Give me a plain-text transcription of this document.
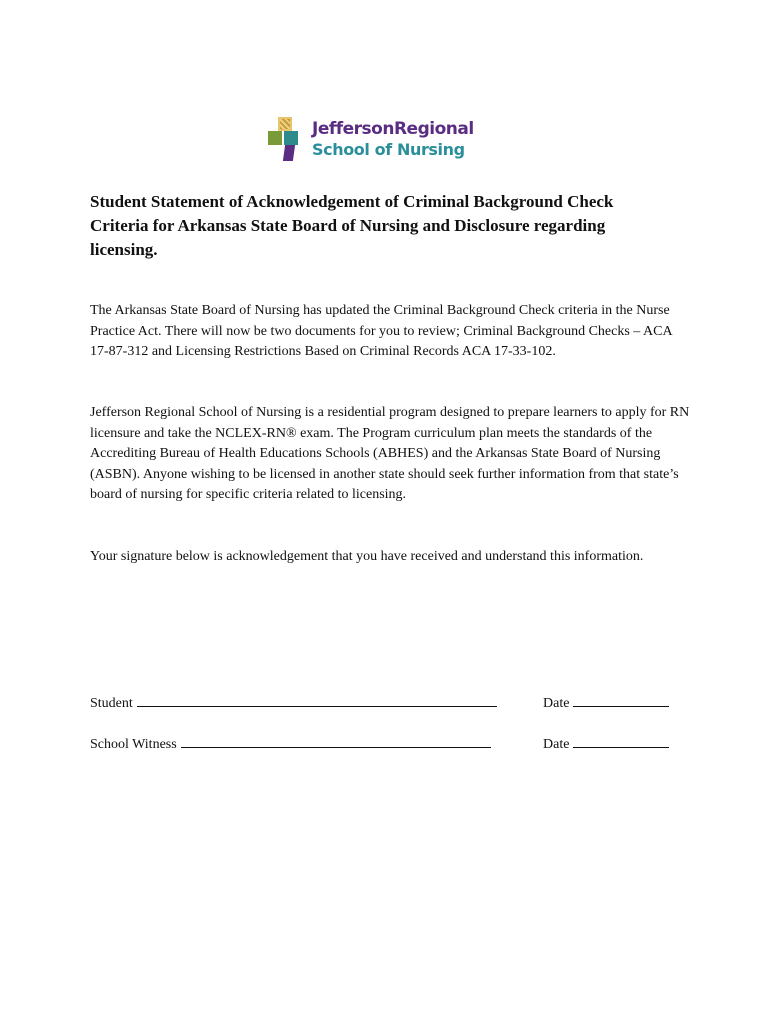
JeffersonRegional
School of Nursing
Student Statement of Acknowledgement of Criminal Background Check Criteria for Arkansas State Board of Nursing and Disclosure regarding licensing.

The Arkansas State Board of Nursing has updated the Criminal Background Check criteria in the Nurse Practice Act. There will now be two documents for you to review; Criminal Background Checks – ACA 17-87-312 and Licensing Restrictions Based on Criminal Records ACA 17-33-102.

Jefferson Regional School of Nursing is a residential program designed to prepare learners to apply for RN licensure and take the NCLEX-RN® exam. The Program curriculum plan meets the standards of the Accrediting Bureau of Health Educations Schools (ABHES) and the Arkansas State Board of Nursing (ASBN). Anyone wishing to be licensed in another state should seek further information from that state’s board of nursing for specific criteria related to licensing.

Your signature below is acknowledgement that you have received and understand this information.

Student	Date
School Witness	Date
